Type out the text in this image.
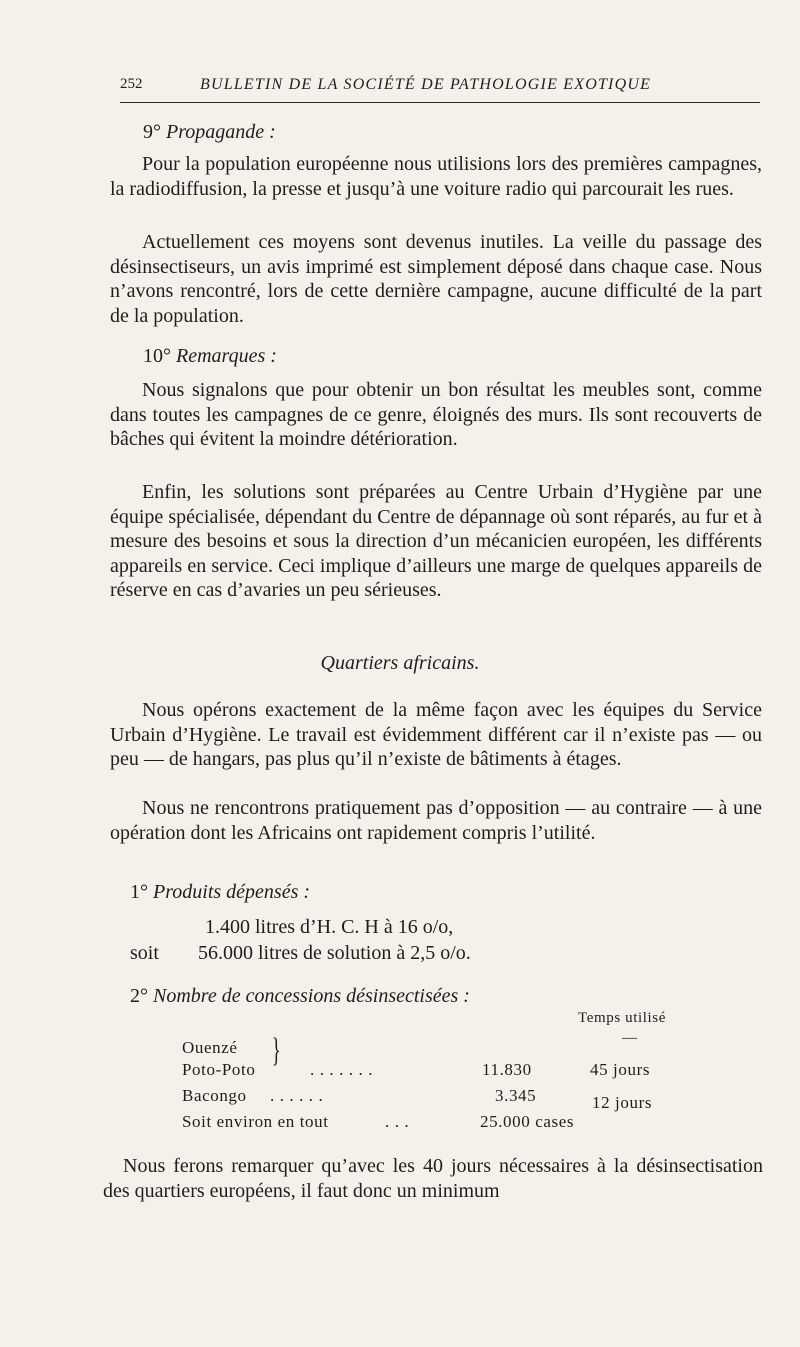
252	BULLETIN DE LA SOCIÉTÉ DE PATHOLOGIE EXOTIQUE
9° Propagande :

Pour la population européenne nous utilisions lors des premières campagnes, la radiodiffusion, la presse et jusqu’à une voiture radio qui parcourait les rues.

Actuellement ces moyens sont devenus inutiles. La veille du passage des désinsectiseurs, un avis imprimé est simplement déposé dans chaque case. Nous n’avons rencontré, lors de cette dernière campagne, aucune difficulté de la part de la population.

10° Remarques :

Nous signalons que pour obtenir un bon résultat les meubles sont, comme dans toutes les campagnes de ce genre, éloignés des murs. Ils sont recouverts de bâches qui évitent la moindre détérioration.

Enfin, les solutions sont préparées au Centre Urbain d’Hygiène par une équipe spécialisée, dépendant du Centre de dépannage où sont réparés, au fur et à mesure des besoins et sous la direction d’un mécanicien européen, les différents appareils en service. Ceci implique d’ailleurs une marge de quelques appareils de réserve en cas d’avaries un peu sérieuses.

Quartiers africains.

Nous opérons exactement de la même façon avec les équipes du Service Urbain d’Hygiène. Le travail est évidemment différent car il n’existe pas — ou peu — de hangars, pas plus qu’il n’existe de bâtiments à étages.

Nous ne rencontrons pratiquement pas d’opposition — au contraire — à une opération dont les Africains ont rapidement compris l’utilité.

1° Produits dépensés :
1.400 litres d’H. C. H à 16 o/o,
soit 56.000 litres de solution à 2,5 o/o.
2° Nombre de concessions désinsectisées :
Temps utilisé
—
Ouenzé }
Poto-Poto	. . . . . . .	11.830	45 jours
Bacongo . . . . . .	3.345	12 jours
Soit environ en tout	. . .	25.000 cases

Nous ferons remarquer qu’avec les 40 jours nécessaires à la désinsectisation des quartiers européens, il faut donc un minimum
